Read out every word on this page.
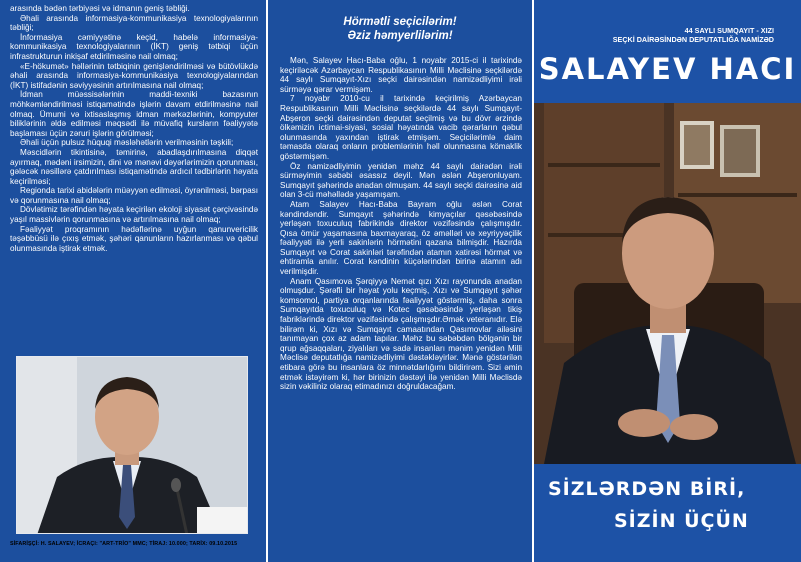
arasında bədən tərbiyəsi və idmanın geniş təbliği.

Əhali arasında informasiya-kommunikasiya texnologiyalarının təbliği;

İnformasiya cəmiyyətinə keçid, habelə informasiya-kommunikasiya texnologiyalarının (İKT) geniş tətbiqi üçün infrastrukturun inkişaf etdirilməsinə nail olmaq;

«E-hökumət» həllərinin tətbiqinin genişləndirilməsi və bütövlükdə əhali arasında informasiya-kommunikasiya texnologiyalarından (İKT) istifadənin səviyyəsinin artırılmasına nail olmaq;

İdman müəssisələrinin maddi-texniki bazasının möhkəmləndirilməsi istiqamətində işlərin davam etdirilməsinə nail olmaq. Ümumi və ixtisaslaşmış idman mərkəzlərinin, kompyuter biliklərinin əldə edilməsi məqsədi ilə müvafiq kursların fəaliyyətə başlaması üçün zəruri işlərin görülməsi;

Əhali üçün pulsuz hüquqi məsləhətlərin verilməsinin təşkili;

Məscidlərin tikintisinə, təmirinə, abadlaşdırılmasına diqqət ayırmaq, mədəni irsimizin, dini və mənəvi dəyərlərimizin qorunması, gələcək nəsillərə çatdırılması istiqamətində ardıcıl tədbirlərin həyata keçirilməsi;

Regionda tarixi abidələrin müəyyən edilməsi, öyrənilməsi, bərpası və qorunmasına nail olmaq;

Dövlətimiz tərəfindən həyata keçirilən ekoloji siyasət çərçivəsində yaşıl massivlərin qorunmasına və artırılmasına nail olmaq;

Fəaliyyət proqramının hədəflərinə uyğun qanunvericilik təşəbbüsü ilə çıxış etmək, şəhəri qanunların hazırlanması və qəbul olunmasında iştirak etmək.

SİFARİŞÇİ: H. SALAYEV; İCRAÇI: "ART-TRİO" MMC; TİRAJ: 10.000; TARİX: 09.10.2015
Hörmətli seçicilərim!
Əziz həmyerlilərim!

Mən, Salayev Hacı-Baba oğlu, 1 noyabr 2015-ci il tarixində keçiriləcək Azərbaycan Respublikasının Milli Məclisinə seçkilərdə 44 saylı Sumqayıt-Xızı seçki dairəsindən namizədliyimi irəli sürməyə qərar vermişəm.

7 noyabr 2010-cu il tarixində keçirilmiş Azərbaycan Respublikasının Milli Məclisinə seçkilərdə 44 saylı Sumqayıt-Abşeron seçki dairəsindən deputat seçilmiş və bu dövr ərzində ölkəmizin ictimai-siyasi, sosial həyatında vacib qərarların qəbul olunmasında yaxından iştirak etmişəm. Seçicilərimlə daim təmasda olaraq onların problemlərinin həll olunmasına kömaklik göstərmişəm.

Öz namizədliyimin yenidən məhz 44 saylı dairədən irəli sürməyimin səbəbi əsassız deyil. Mən əslən Abşeronluyam. Sumqayıt şəhərində anadan olmuşam. 44 saylı seçki dairəsinə aid olan 3-cü məhəllədə yaşamışam.

Atam Salayev Hacı-Baba Bayram oğlu əslən Corat kəndindəndir. Sumqayıt şəhərində kimyaçılar qəsəbəsində yerləşən toxuculuq fabrikində direktor vəzifəsində çalışmışdır. Qısa ömür yaşamasına baxmayaraq, öz əməlləri və xeyriyyəçilik fəaliyyəti ilə yerli sakinlərin hörmətini qazana bilmişdir. Hazırda Sumqayıt və Corat sakinləri tərəfindən atamın xatirəsi hörmət və ehtiramla anılır. Corat kəndinin küçələrindən birinə atamın adı verilmişdir.

Anam Qasımova Şərqiyyə Nemət qızı Xızı rayonunda anadan olmuşdur. Şərəfli bir həyat yolu keçmiş, Xızı və Sumqayıt şəhər komsomol, partiya orqanlarında fəaliyyət göstərmiş, daha sonra Sumqayıtda toxuculuq və Kotec qəsəbəsində yerləşən tikiş fabriklərində direktor vəzifəsində çalışmışdır.Əmək veteranıdır. Elə bilirəm ki, Xızı və Sumqayıt camaatından Qasımovlar ailəsini tanımayan çox az adam tapılar. Məhz bu səbəbdən bölgənin bir qrup ağsaqqaları, ziyalıları və sadə insanları mənim yenidən Milli Məclisə deputatlığa namizədliyimi dəstəkləyirlər. Mənə göstərilən etibara görə bu insanlara öz minnətdarlığımı bildirirəm. Sizi əmin etmək istəyirəm ki, hər birinizin dəstəyi ilə yenidən Milli Məclisdə sizin vəkiliniz olaraq etimadınızı doğruldacağam.

44 SAYLI SUMQAYIT - XIZI
SEÇKİ DAİRƏSİNDƏN DEPUTATLIĞA NAMİZƏD
SALAYEV HACI
SİZLƏRDƏN BİRİ,
SİZİN ÜÇÜN
